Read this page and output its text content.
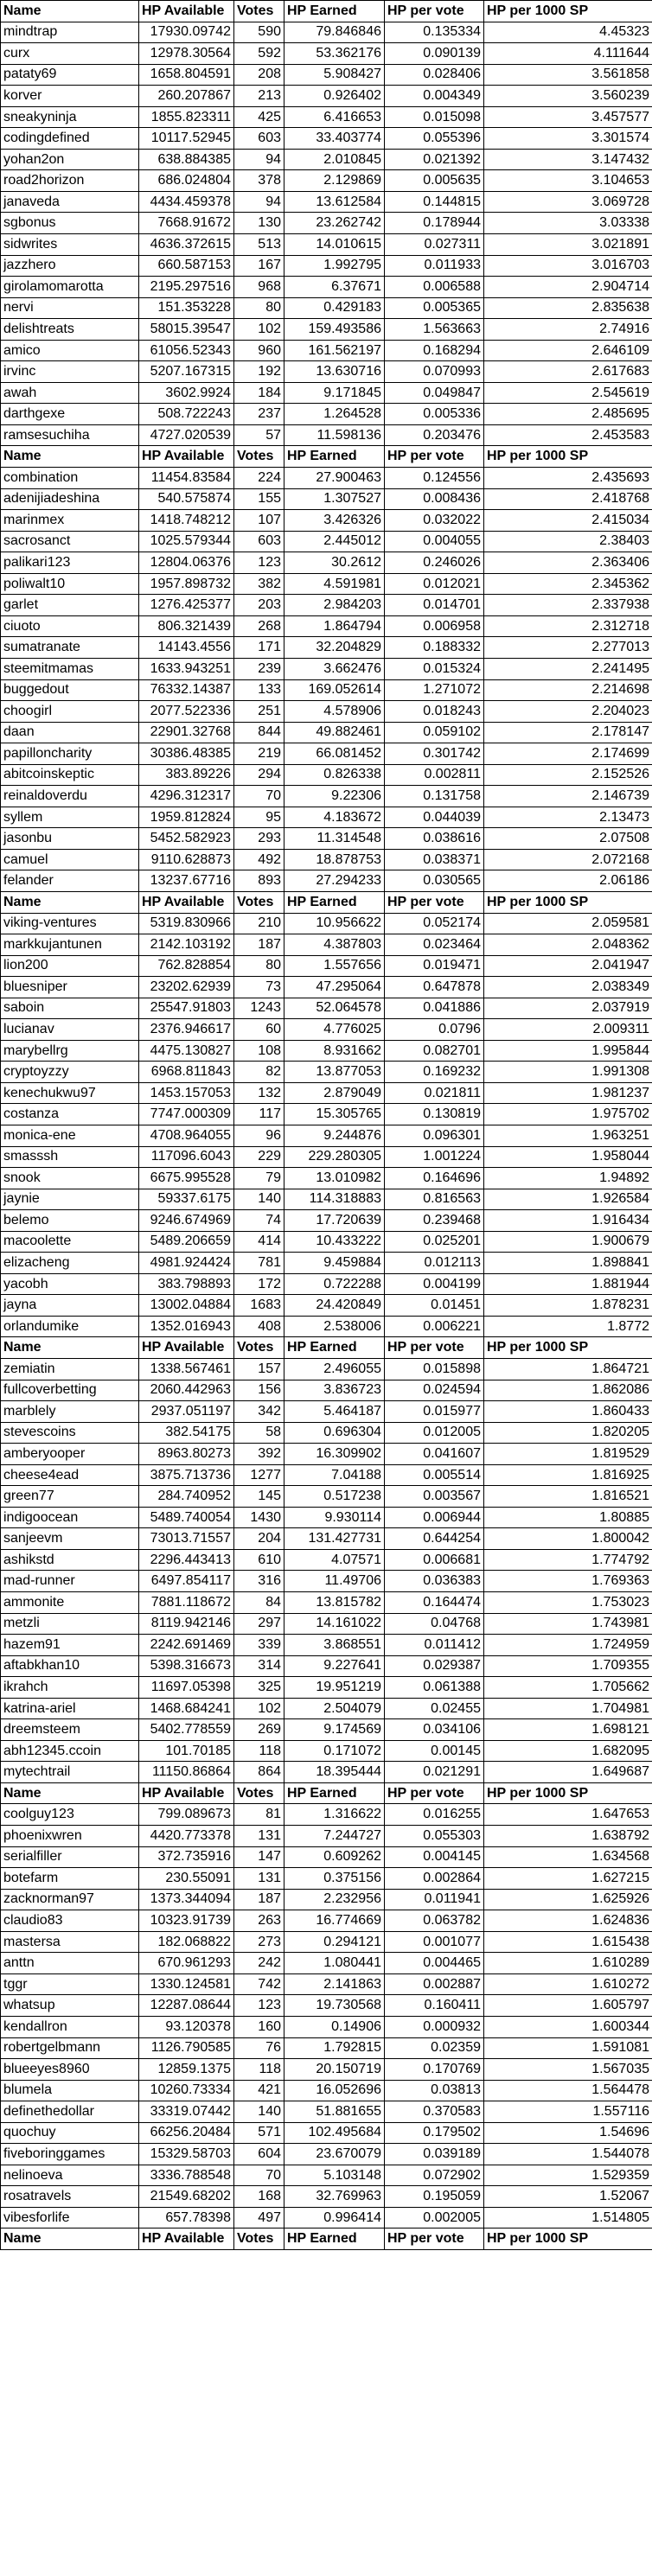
Name	HP Available	Votes	HP Earned	HP per vote	HP per 1000 SP
mindtrap	17930.09742	590	79.846846	0.135334	4.45323
curx	12978.30564	592	53.362176	0.090139	4.111644
pataty69	1658.804591	208	5.908427	0.028406	3.561858
korver	260.207867	213	0.926402	0.004349	3.560239
sneakyninja	1855.823311	425	6.416653	0.015098	3.457577
codingdefined	10117.52945	603	33.403774	0.055396	3.301574
yohan2on	638.884385	94	2.010845	0.021392	3.147432
road2horizon	686.024804	378	2.129869	0.005635	3.104653
janaveda	4434.459378	94	13.612584	0.144815	3.069728
sgbonus	7668.91672	130	23.262742	0.178944	3.03338
sidwrites	4636.372615	513	14.010615	0.027311	3.021891
jazzhero	660.587153	167	1.992795	0.011933	3.016703
girolamomarotta	2195.297516	968	6.37671	0.006588	2.904714
nervi	151.353228	80	0.429183	0.005365	2.835638
delishtreats	58015.39547	102	159.493586	1.563663	2.74916
amico	61056.52343	960	161.562197	0.168294	2.646109
irvinc	5207.167315	192	13.630716	0.070993	2.617683
awah	3602.9924	184	9.171845	0.049847	2.545619
darthgexe	508.722243	237	1.264528	0.005336	2.485695
ramsesuchiha	4727.020539	57	11.598136	0.203476	2.453583
Name	HP Available	Votes	HP Earned	HP per vote	HP per 1000 SP
combination	11454.83584	224	27.900463	0.124556	2.435693
adenijiadeshina	540.575874	155	1.307527	0.008436	2.418768
marinmex	1418.748212	107	3.426326	0.032022	2.415034
sacrosanct	1025.579344	603	2.445012	0.004055	2.38403
palikari123	12804.06376	123	30.2612	0.246026	2.363406
poliwalt10	1957.898732	382	4.591981	0.012021	2.345362
garlet	1276.425377	203	2.984203	0.014701	2.337938
ciuoto	806.321439	268	1.864794	0.006958	2.312718
sumatranate	14143.4556	171	32.204829	0.188332	2.277013
steemitmamas	1633.943251	239	3.662476	0.015324	2.241495
buggedout	76332.14387	133	169.052614	1.271072	2.214698
choogirl	2077.522336	251	4.578906	0.018243	2.204023
daan	22901.32768	844	49.882461	0.059102	2.178147
papilloncharity	30386.48385	219	66.081452	0.301742	2.174699
abitcoinskeptic	383.89226	294	0.826338	0.002811	2.152526
reinaldoverdu	4296.312317	70	9.22306	0.131758	2.146739
syllem	1959.812824	95	4.183672	0.044039	2.13473
jasonbu	5452.582923	293	11.314548	0.038616	2.07508
camuel	9110.628873	492	18.878753	0.038371	2.072168
felander	13237.67716	893	27.294233	0.030565	2.06186
Name	HP Available	Votes	HP Earned	HP per vote	HP per 1000 SP
viking-ventures	5319.830966	210	10.956622	0.052174	2.059581
markkujantunen	2142.103192	187	4.387803	0.023464	2.048362
lion200	762.828854	80	1.557656	0.019471	2.041947
bluesniper	23202.62939	73	47.295064	0.647878	2.038349
saboin	25547.91803	1243	52.064578	0.041886	2.037919
lucianav	2376.946617	60	4.776025	0.0796	2.009311
marybellrg	4475.130827	108	8.931662	0.082701	1.995844
cryptoyzzy	6968.811843	82	13.877053	0.169232	1.991308
kenechukwu97	1453.157053	132	2.879049	0.021811	1.981237
costanza	7747.000309	117	15.305765	0.130819	1.975702
monica-ene	4708.964055	96	9.244876	0.096301	1.963251
smasssh	117096.6043	229	229.280305	1.001224	1.958044
snook	6675.995528	79	13.010982	0.164696	1.94892
jaynie	59337.6175	140	114.318883	0.816563	1.926584
belemo	9246.674969	74	17.720639	0.239468	1.916434
macoolette	5489.206659	414	10.433222	0.025201	1.900679
elizacheng	4981.924424	781	9.459884	0.012113	1.898841
yacobh	383.798893	172	0.722288	0.004199	1.881944
jayna	13002.04884	1683	24.420849	0.01451	1.878231
orlandumike	1352.016943	408	2.538006	0.006221	1.8772
Name	HP Available	Votes	HP Earned	HP per vote	HP per 1000 SP
zemiatin	1338.567461	157	2.496055	0.015898	1.864721
fullcoverbetting	2060.442963	156	3.836723	0.024594	1.862086
marblely	2937.051197	342	5.464187	0.015977	1.860433
stevescoins	382.54175	58	0.696304	0.012005	1.820205
amberyooper	8963.80273	392	16.309902	0.041607	1.819529
cheese4ead	3875.713736	1277	7.04188	0.005514	1.816925
green77	284.740952	145	0.517238	0.003567	1.816521
indigoocean	5489.740054	1430	9.930114	0.006944	1.80885
sanjeevm	73013.71557	204	131.427731	0.644254	1.800042
ashikstd	2296.443413	610	4.07571	0.006681	1.774792
mad-runner	6497.854117	316	11.49706	0.036383	1.769363
ammonite	7881.118672	84	13.815782	0.164474	1.753023
metzli	8119.942146	297	14.161022	0.04768	1.743981
hazem91	2242.691469	339	3.868551	0.011412	1.724959
aftabkhan10	5398.316673	314	9.227641	0.029387	1.709355
ikrahch	11697.05398	325	19.951219	0.061388	1.705662
katrina-ariel	1468.684241	102	2.504079	0.02455	1.704981
dreemsteem	5402.778559	269	9.174569	0.034106	1.698121
abh12345.ccoin	101.70185	118	0.171072	0.00145	1.682095
mytechtrail	11150.86864	864	18.395444	0.021291	1.649687
Name	HP Available	Votes	HP Earned	HP per vote	HP per 1000 SP
coolguy123	799.089673	81	1.316622	0.016255	1.647653
phoenixwren	4420.773378	131	7.244727	0.055303	1.638792
serialfiller	372.735916	147	0.609262	0.004145	1.634568
botefarm	230.55091	131	0.375156	0.002864	1.627215
zacknorman97	1373.344094	187	2.232956	0.011941	1.625926
claudio83	10323.91739	263	16.774669	0.063782	1.624836
mastersa	182.068822	273	0.294121	0.001077	1.615438
anttn	670.961293	242	1.080441	0.004465	1.610289
tggr	1330.124581	742	2.141863	0.002887	1.610272
whatsup	12287.08644	123	19.730568	0.160411	1.605797
kendallron	93.120378	160	0.14906	0.000932	1.600344
robertgelbmann	1126.790585	76	1.792815	0.02359	1.591081
blueeyes8960	12859.1375	118	20.150719	0.170769	1.567035
blumela	10260.73334	421	16.052696	0.03813	1.564478
definethedollar	33319.07442	140	51.881655	0.370583	1.557116
quochuy	66256.20484	571	102.495684	0.179502	1.54696
fiveboringgames	15329.58703	604	23.670079	0.039189	1.544078
nelinoeva	3336.788548	70	5.103148	0.072902	1.529359
rosatravels	21549.68202	168	32.769963	0.195059	1.52067
vibesforlife	657.78398	497	0.996414	0.002005	1.514805
Name	HP Available	Votes	HP Earned	HP per vote	HP per 1000 SP
